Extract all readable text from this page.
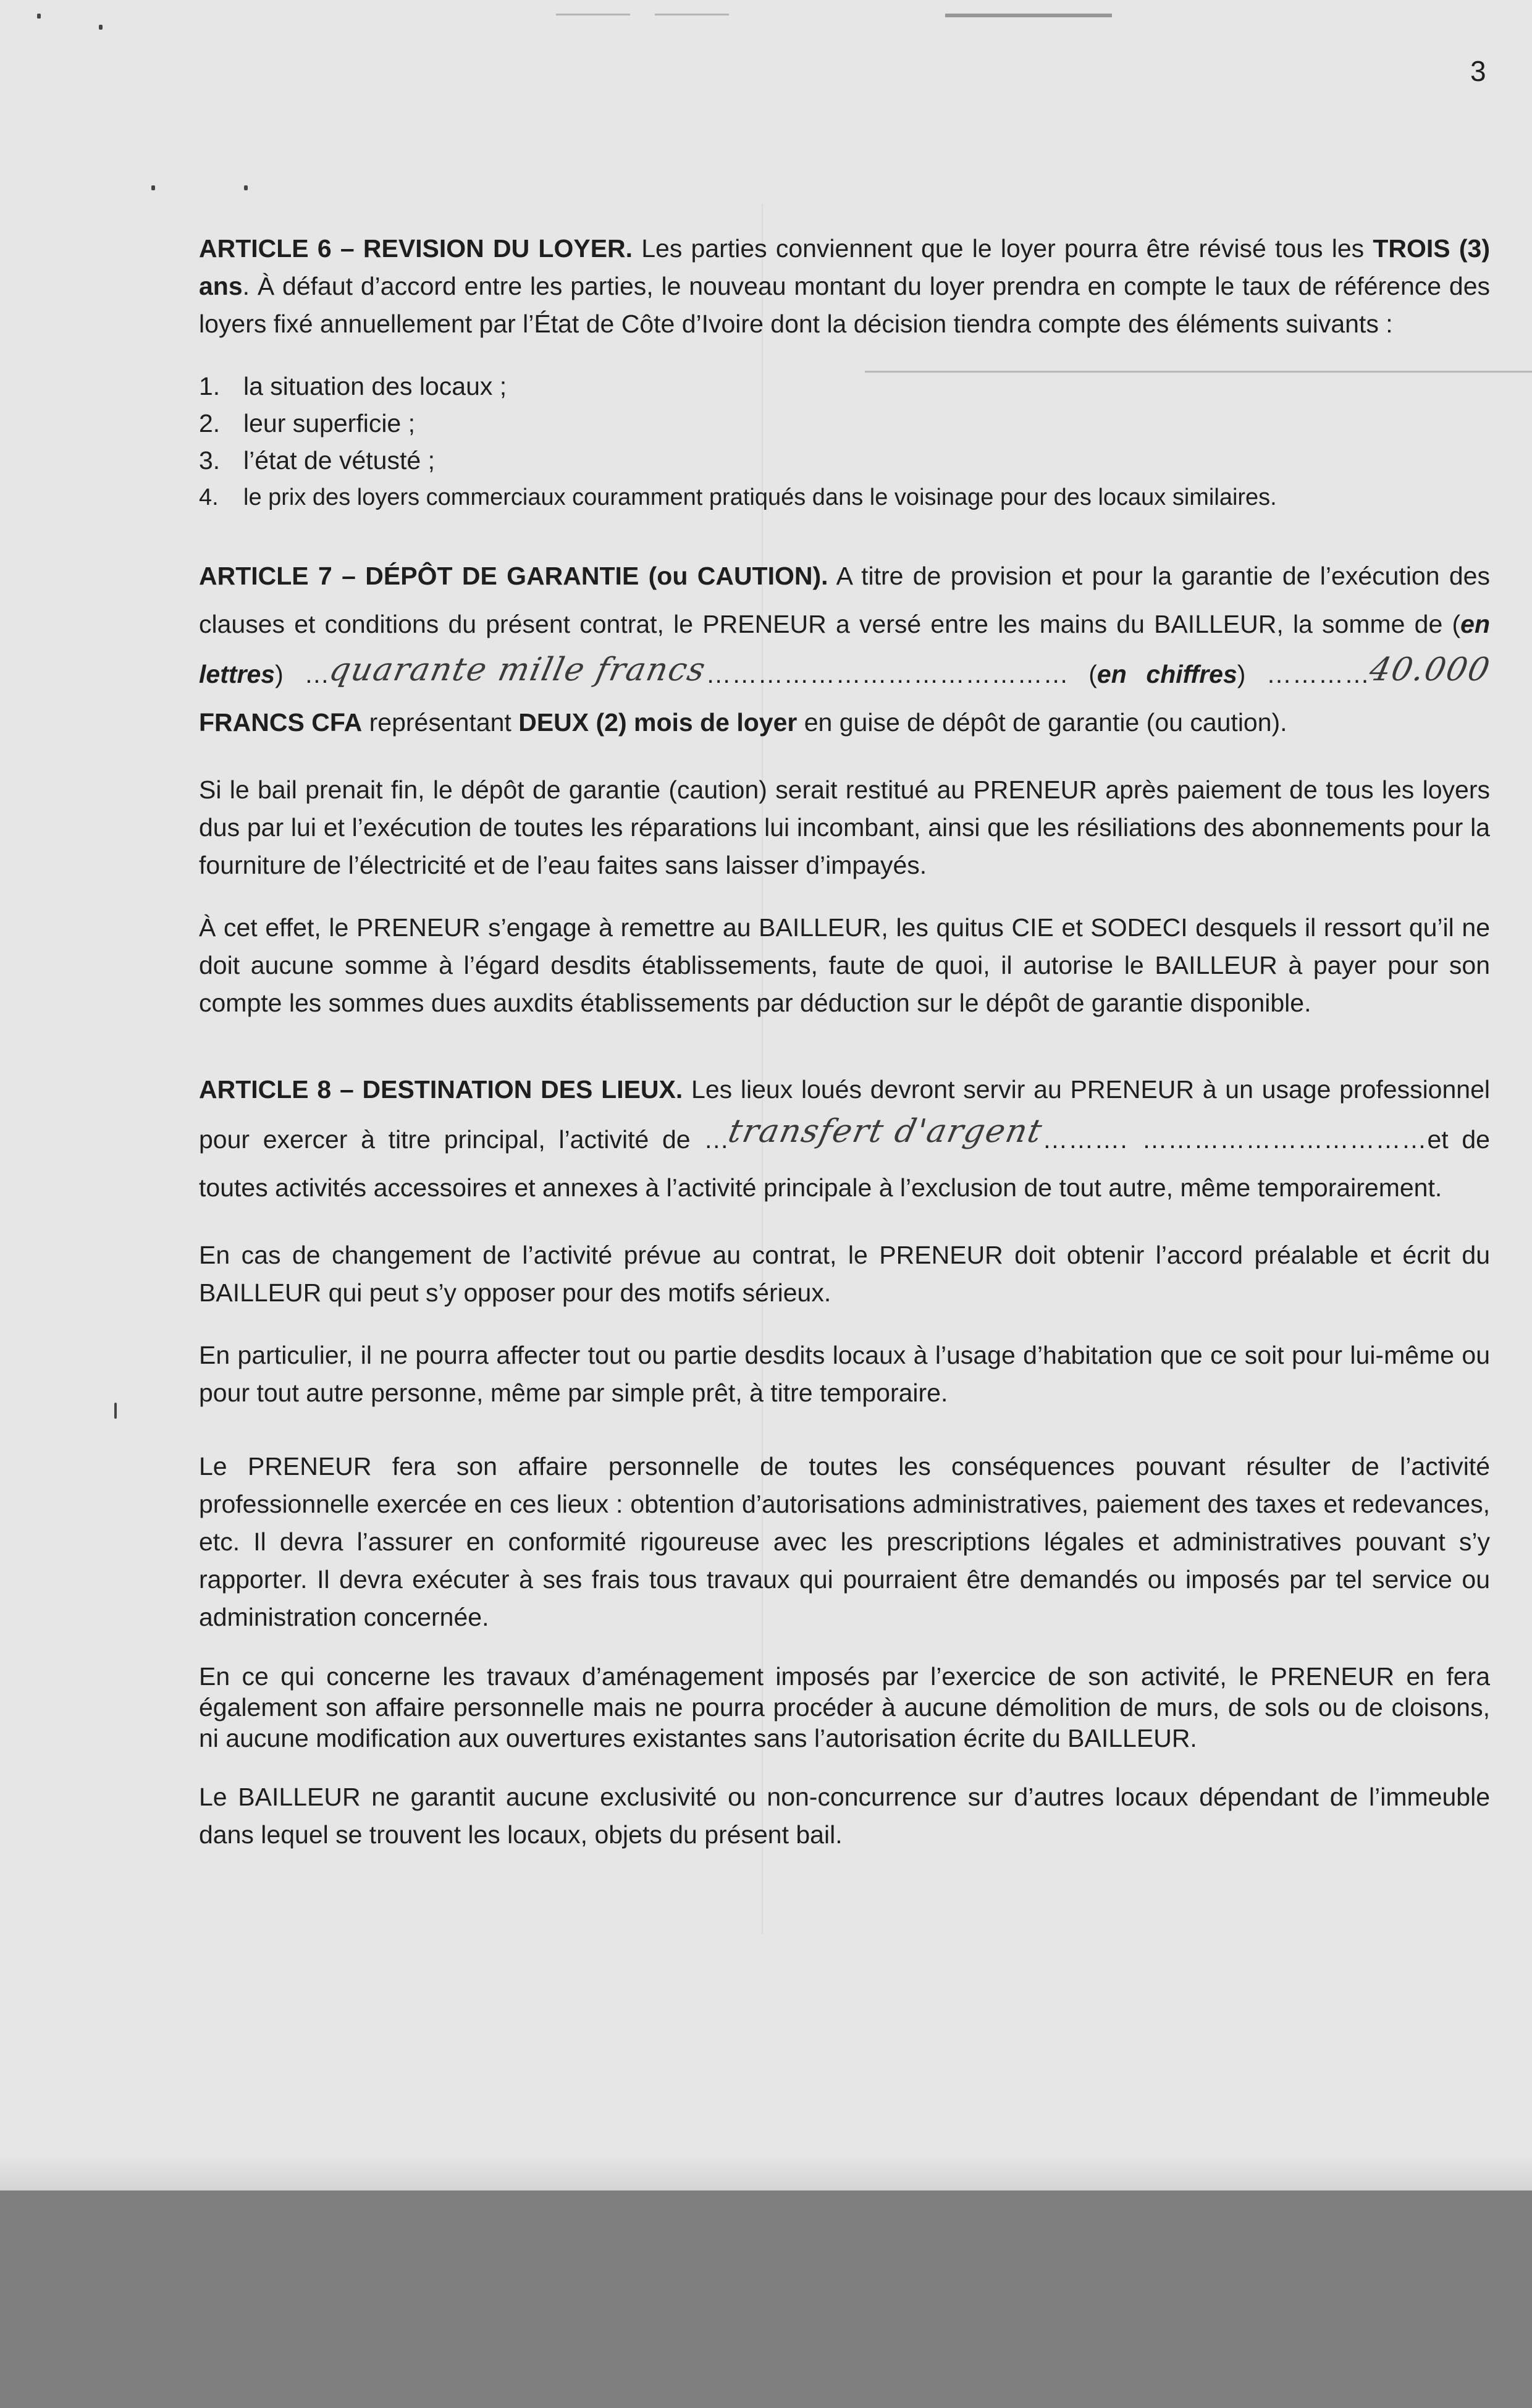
3

ARTICLE 6 – REVISION DU LOYER. Les parties conviennent que le loyer pourra être révisé tous les TROIS (3) ans. À défaut d’accord entre les parties, le nouveau montant du loyer prendra en compte le taux de référence des loyers fixé annuellement par l’État de Côte d’Ivoire dont la décision tiendra compte des éléments suivants :

1. la situation des locaux ;
2. leur superficie ;
3. l’état de vétusté ;
4.	le prix des loyers commerciaux couramment pratiqués dans le voisinage pour des locaux similaires.

ARTICLE 7 – DÉPÔT DE GARANTIE (ou CAUTION). A titre de provision et pour la garantie de l’exécution des clauses et conditions du présent contrat, le PRENEUR a versé entre les mains du BAILLEUR, la somme de (en lettres) …quarante mille francs…………………………………… (en chiffres) …………40.000FRANCS CFA représentant DEUX (2) mois de loyer en guise de dépôt de garantie (ou caution).

Si le bail prenait fin, le dépôt de garantie (caution) serait restitué au PRENEUR après paiement de tous les loyers dus par lui et l’exécution de toutes les réparations lui incombant, ainsi que les résiliations des abonnements pour la fourniture de l’électricité et de l’eau faites sans laisser d’impayés.

À cet effet, le PRENEUR s’engage à remettre au BAILLEUR, les quitus CIE et SODECI desquels il ressort qu’il ne doit aucune somme à l’égard desdits établissements, faute de quoi, il autorise le BAILLEUR à payer pour son compte les sommes dues auxdits établissements par déduction sur le dépôt de garantie disponible.

ARTICLE 8 – DESTINATION DES LIEUX. Les lieux loués devront servir au PRENEUR à un usage professionnel pour exercer à titre principal, l’activité de …transfert d'argent………. ……………………………et de toutes activités accessoires et annexes à l’activité principale à l’exclusion de tout autre, même temporairement.

En cas de changement de l’activité prévue au contrat, le PRENEUR doit obtenir l’accord préalable et écrit du BAILLEUR qui peut s’y opposer pour des motifs sérieux.

En particulier, il ne pourra affecter tout ou partie desdits locaux à l’usage d’habitation que ce soit pour lui-même ou pour tout autre personne, même par simple prêt, à titre temporaire.

Le PRENEUR fera son affaire personnelle de toutes les conséquences pouvant résulter de l’activité professionnelle exercée en ces lieux : obtention d’autorisations administratives, paiement des taxes et redevances, etc. Il devra l’assurer en conformité rigoureuse avec les prescriptions légales et administratives pouvant s’y rapporter. Il devra exécuter à ses frais tous travaux qui pourraient être demandés ou imposés par tel service ou administration concernée.

En ce qui concerne les travaux d’aménagement imposés par l’exercice de son activité, le PRENEUR en fera également son affaire personnelle mais ne pourra procéder à aucune démolition de murs, de sols ou de cloisons, ni aucune modification aux ouvertures existantes sans l’autorisation écrite du BAILLEUR.

Le BAILLEUR ne garantit aucune exclusivité ou non-concurrence sur d’autres locaux dépendant de l’immeuble dans lequel se trouvent les locaux, objets du présent bail.
